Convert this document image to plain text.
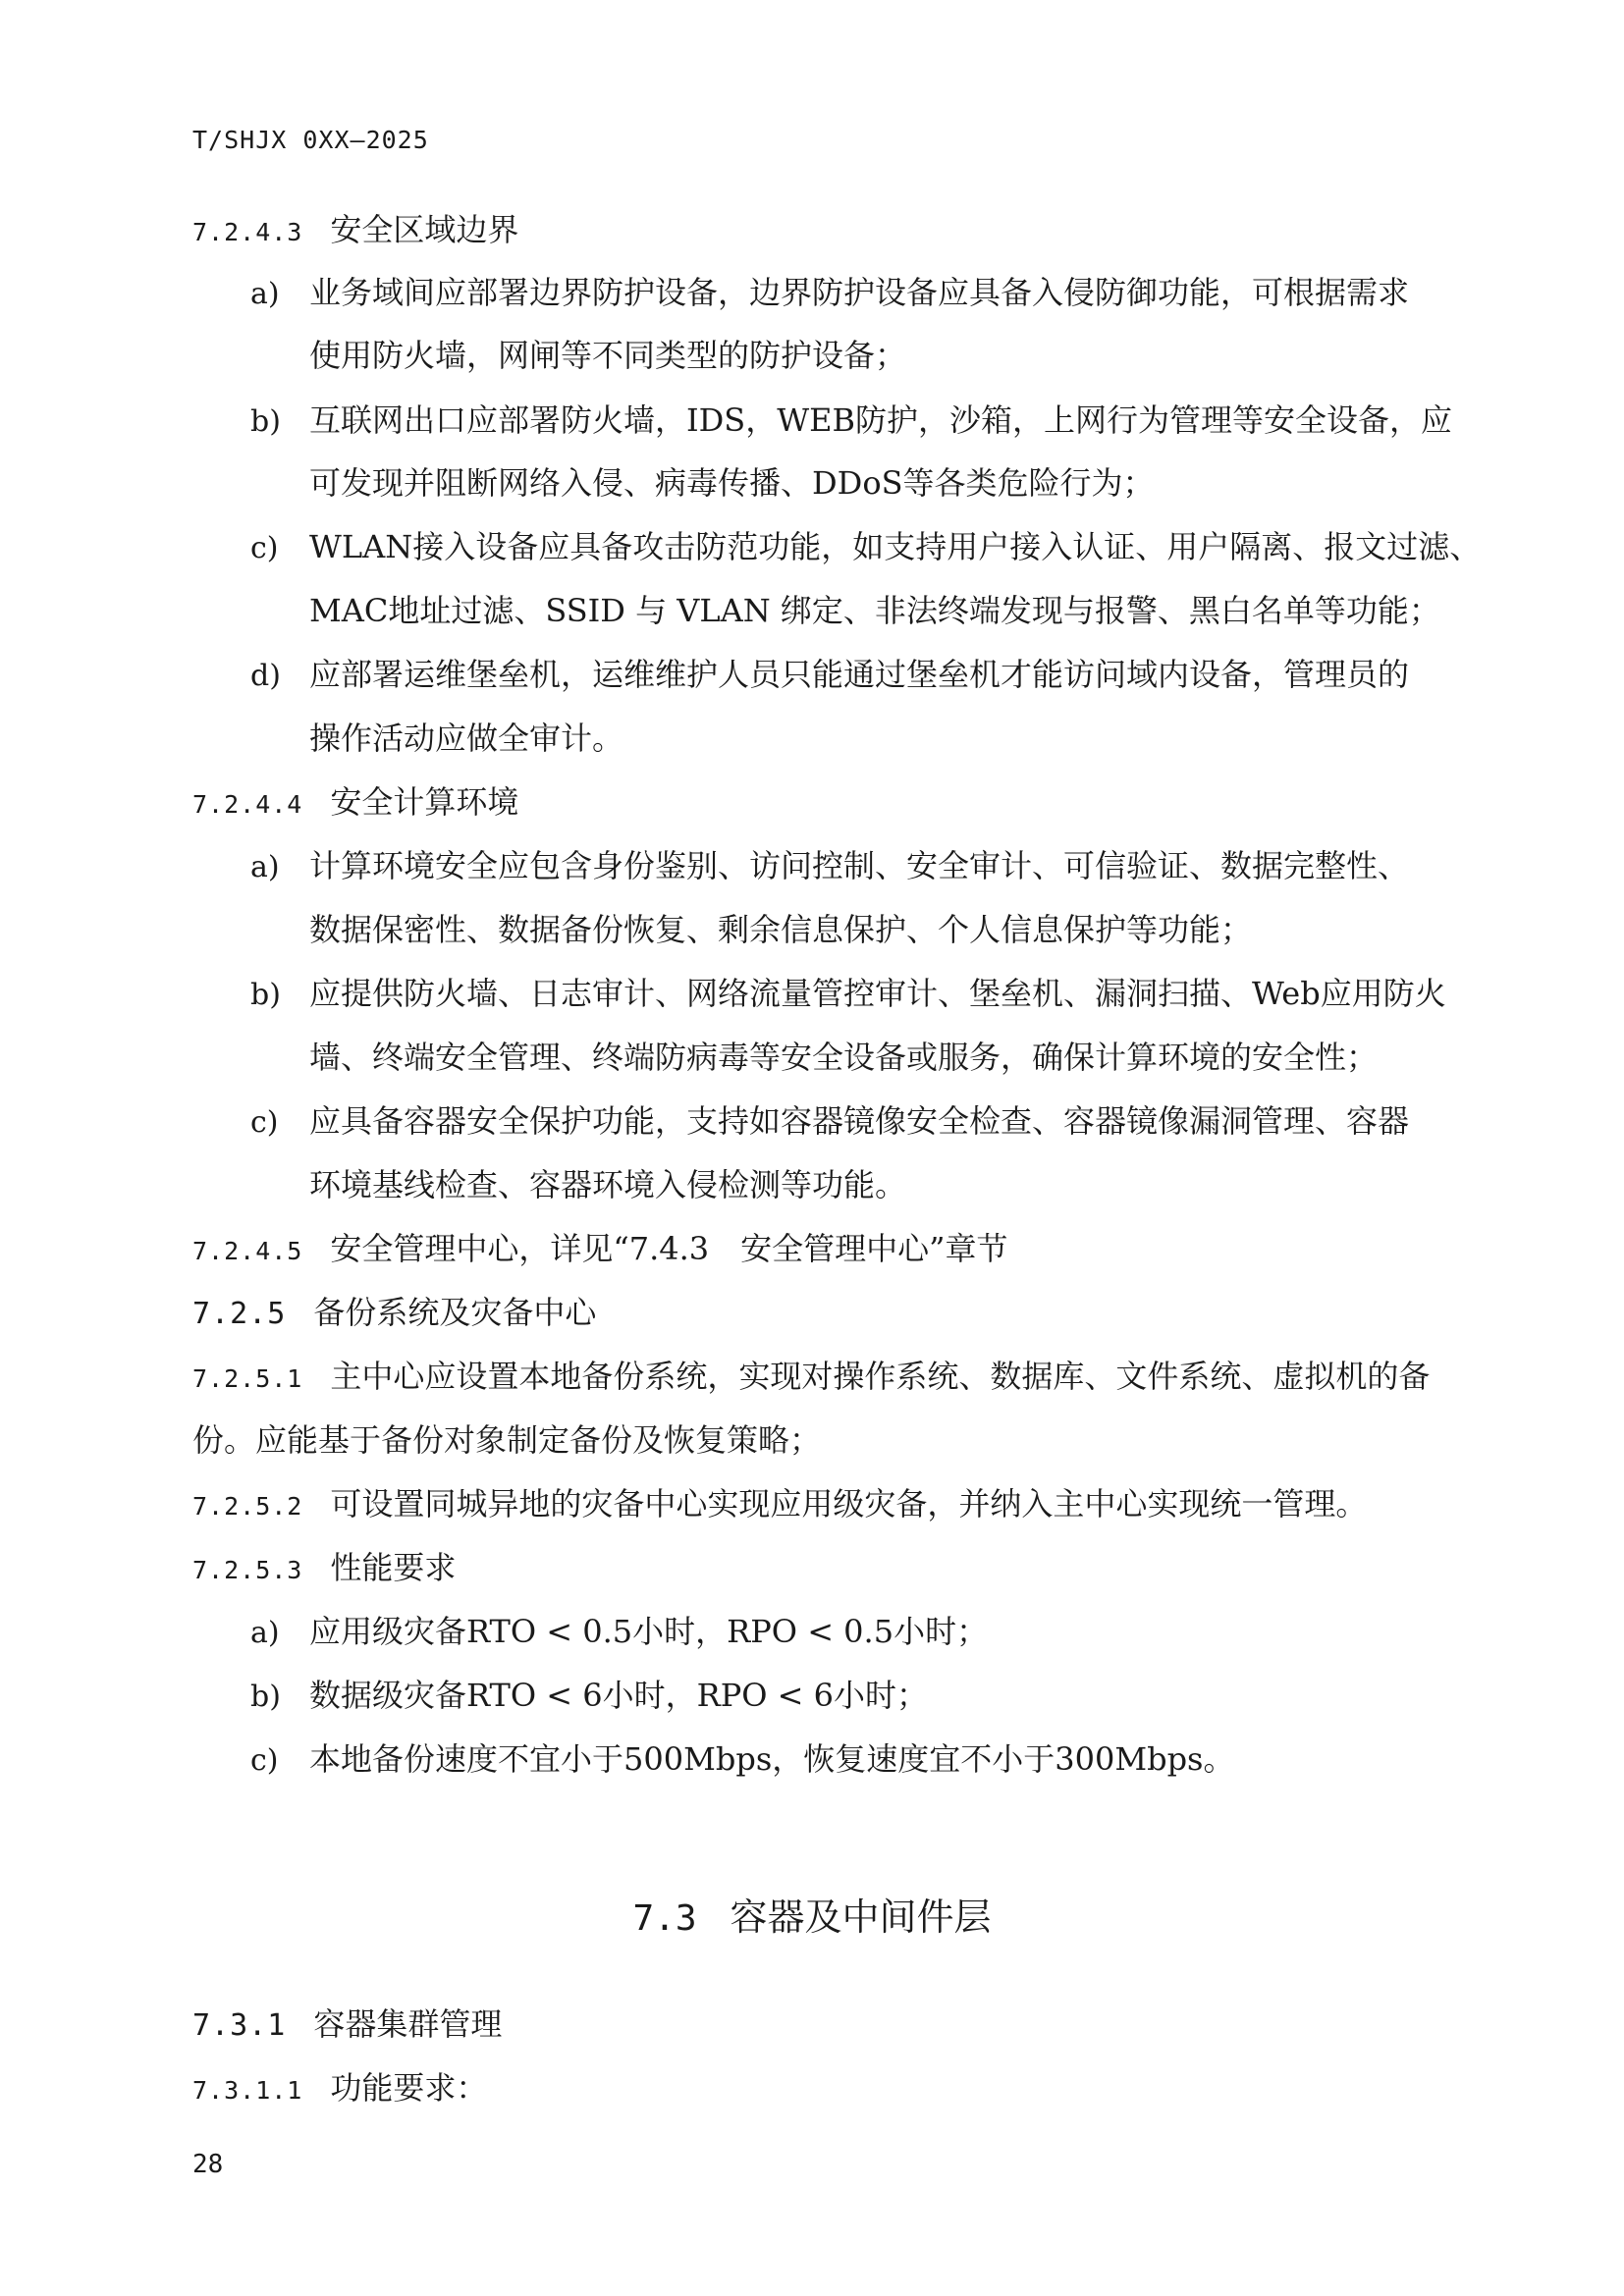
T/SHJX 0XX—2025
7.2.4.3 安全区域边界
a) 业务域间应部署边界防护设备，边界防护设备应具备入侵防御功能，可根据需求
使用防火墙，网闸等不同类型的防护设备；
b) 互联网出口应部署防火墙，IDS，WEB防护，沙箱，上网行为管理等安全设备，应
可发现并阻断网络入侵、病毒传播、DDoS等各类危险行为；
c) WLAN接入设备应具备攻击防范功能，如支持用户接入认证、用户隔离、报文过滤、
MAC地址过滤、SSID 与 VLAN 绑定、非法终端发现与报警、黑白名单等功能；
d) 应部署运维堡垒机，运维维护人员只能通过堡垒机才能访问域内设备，管理员的
操作活动应做全审计。
7.2.4.4 安全计算环境
a) 计算环境安全应包含身份鉴别、访问控制、安全审计、可信验证、数据完整性、
数据保密性、数据备份恢复、剩余信息保护、个人信息保护等功能；
b) 应提供防火墙、日志审计、网络流量管控审计、堡垒机、漏洞扫描、Web应用防火
墙、终端安全管理、终端防病毒等安全设备或服务，确保计算环境的安全性；
c) 应具备容器安全保护功能，支持如容器镜像安全检查、容器镜像漏洞管理、容器
环境基线检查、容器环境入侵检测等功能。
7.2.4.5 安全管理中心，详见“7.4.3　安全管理中心”章节
7.2.5 备份系统及灾备中心
7.2.5.1 主中心应设置本地备份系统，实现对操作系统、数据库、文件系统、虚拟机的备
份。应能基于备份对象制定备份及恢复策略；
7.2.5.2 可设置同城异地的灾备中心实现应用级灾备，并纳入主中心实现统一管理。
7.2.5.3 性能要求
a) 应用级灾备RTO < 0.5小时，RPO < 0.5小时；
b) 数据级灾备RTO < 6小时，RPO < 6小时；
c) 本地备份速度不宜小于500Mbps，恢复速度宜不小于300Mbps。
7.3 容器及中间件层
7.3.1 容器集群管理
7.3.1.1 功能要求：
28
